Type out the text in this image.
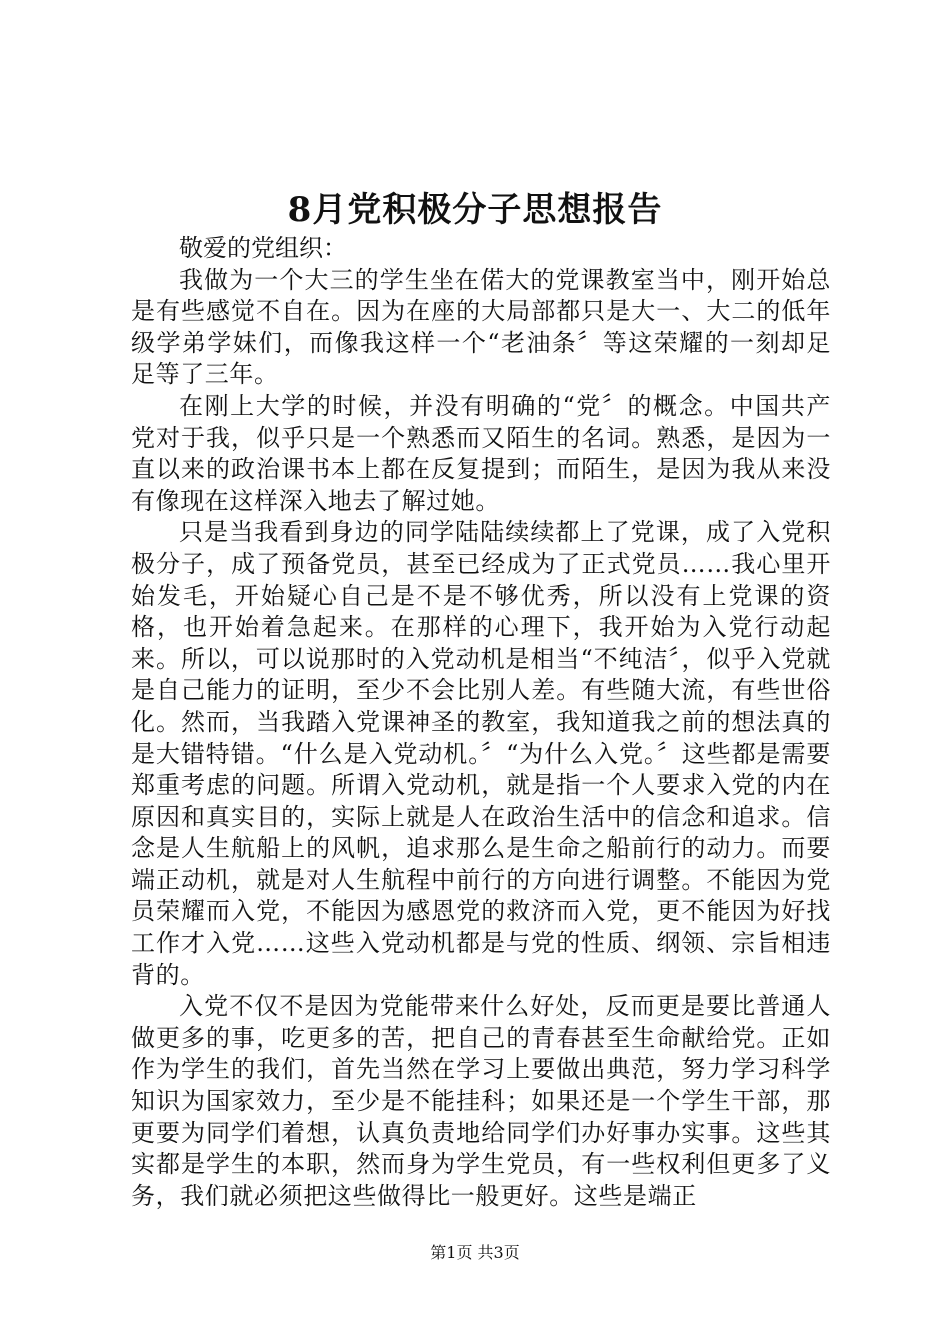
8月党积极分子思想报告

敬爱的党组织：

我做为一个大三的学生坐在偌大的党课教室当中，刚开始总是有些感觉不自在。因为在座的大局部都只是大一、大二的低年级学弟学妹们，而像我这样一个“老油条〞等这荣耀的一刻却足足等了三年。

在刚上大学的时候，并没有明确的“党〞的概念。中国共产党对于我，似乎只是一个熟悉而又陌生的名词。熟悉，是因为一直以来的政治课书本上都在反复提到；而陌生，是因为我从来没有像现在这样深入地去了解过她。

只是当我看到身边的同学陆陆续续都上了党课，成了入党积极分子，成了预备党员，甚至已经成为了正式党员……我心里开始发毛，开始疑心自己是不是不够优秀，所以没有上党课的资格，也开始着急起来。在那样的心理下，我开始为入党行动起来。所以，可以说那时的入党动机是相当“不纯洁〞，似乎入党就是自己能力的证明，至少不会比别人差。有些随大流，有些世俗化。然而，当我踏入党课神圣的教室，我知道我之前的想法真的是大错特错。“什么是入党动机。〞“为什么入党。〞这些都是需要郑重考虑的问题。所谓入党动机，就是指一个人要求入党的内在原因和真实目的，实际上就是人在政治生活中的信念和追求。信念是人生航船上的风帆，追求那么是生命之船前行的动力。而要端正动机，就是对人生航程中前行的方向进行调整。不能因为党员荣耀而入党，不能因为感恩党的救济而入党，更不能因为好找工作才入党……这些入党动机都是与党的性质、纲领、宗旨相违背的。

入党不仅不是因为党能带来什么好处，反而更是要比普通人做更多的事，吃更多的苦，把自己的青春甚至生命献给党。正如作为学生的我们，首先当然在学习上要做出典范，努力学习科学知识为国家效力，至少是不能挂科；如果还是一个学生干部，那更要为同学们着想，认真负责地给同学们办好事办实事。这些其实都是学生的本职，然而身为学生党员，有一些权利但更多了义务，我们就必须把这些做得比一般更好。这些是端正

第1页 共3页
